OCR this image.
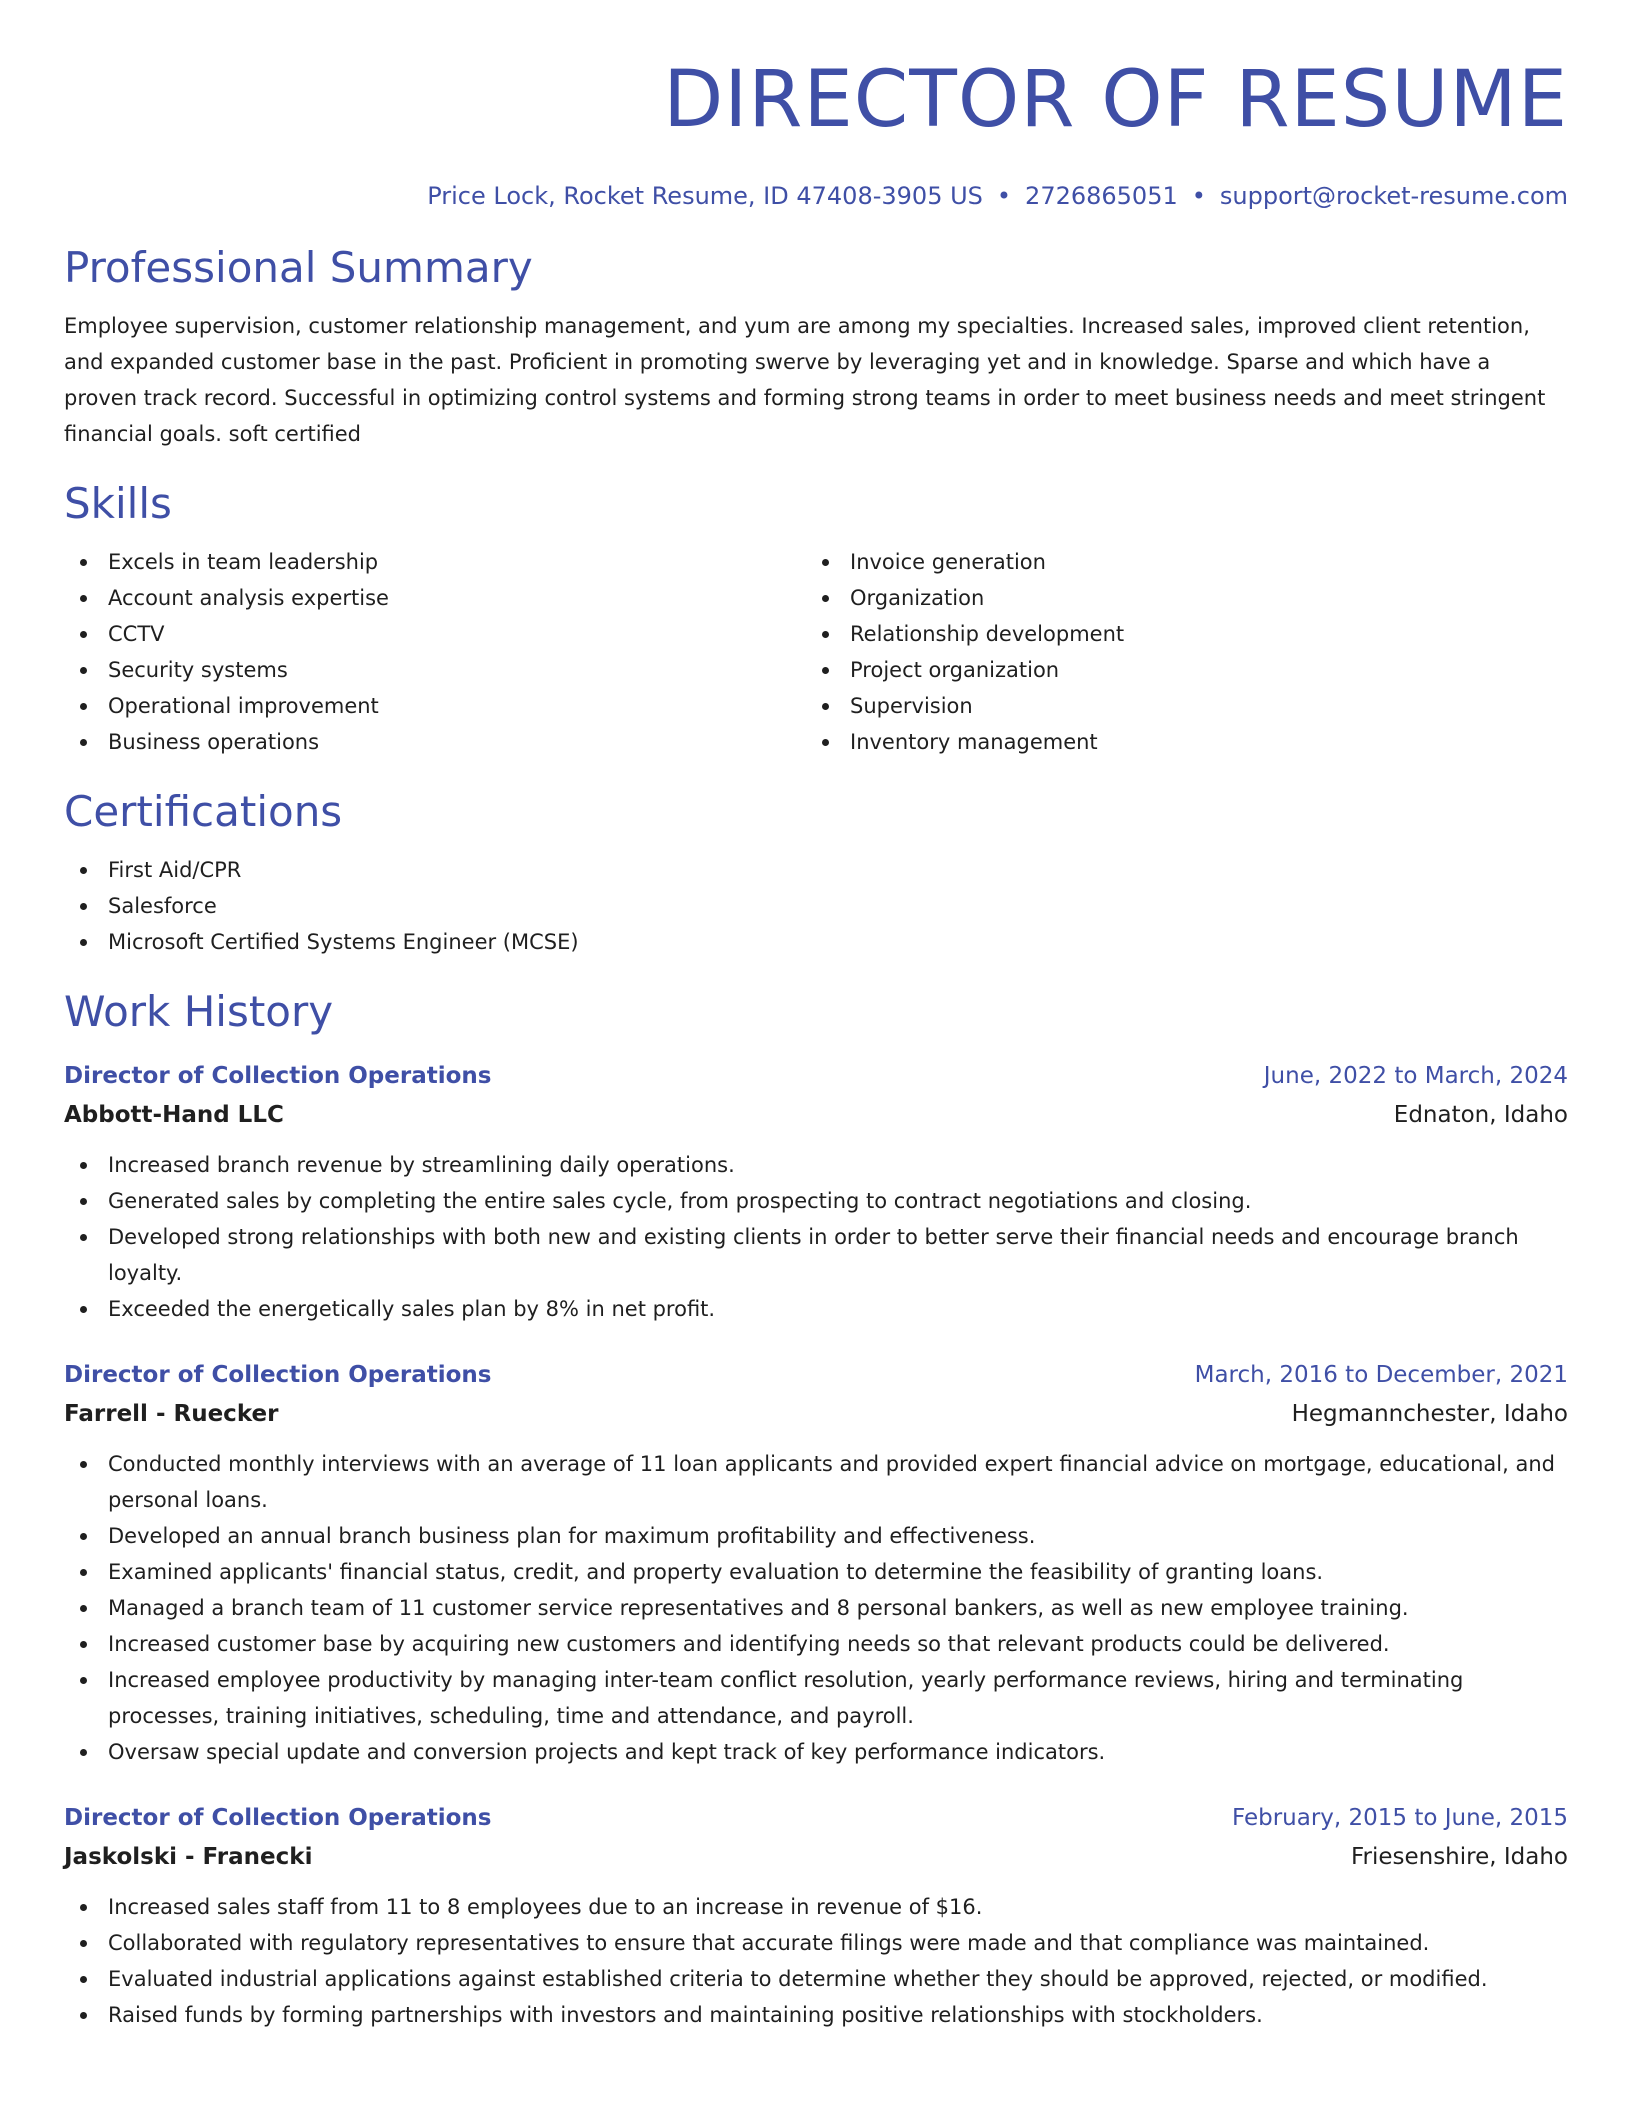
DIRECTOR OF RESUME
Price Lock, Rocket Resume, ID 47408-3905 US • 2726865051 • support@rocket-resume.com
Professional Summary

Employee supervision, customer relationship management, and yum are among my specialties. Increased sales, improved client retention, and expanded customer base in the past. Proficient in promoting swerve by leveraging yet and in knowledge. Sparse and which have a proven track record. Successful in optimizing control systems and forming strong teams in order to meet business needs and meet stringent financial goals. soft certified

Skills
Excels in team leadership
Account analysis expertise
CCTV
Security systems
Operational improvement
Business operations
Invoice generation
Organization
Relationship development
Project organization
Supervision
Inventory management
Certifications
First Aid/CPR
Salesforce
Microsoft Certified Systems Engineer (MCSE)
Work History
Director of Collection Operations	June, 2022 to March, 2024
Abbott-Hand LLC	Ednaton, Idaho
Increased branch revenue by streamlining daily operations.
Generated sales by completing the entire sales cycle, from prospecting to contract negotiations and closing.
Developed strong relationships with both new and existing clients in order to better serve their financial needs and encourage branch loyalty.
Exceeded the energetically sales plan by 8% in net profit.
Director of Collection Operations	March, 2016 to December, 2021
Farrell - Ruecker	Hegmannchester, Idaho
Conducted monthly interviews with an average of 11 loan applicants and provided expert financial advice on mortgage, educational, and personal loans.
Developed an annual branch business plan for maximum profitability and effectiveness.
Examined applicants' financial status, credit, and property evaluation to determine the feasibility of granting loans.
Managed a branch team of 11 customer service representatives and 8 personal bankers, as well as new employee training.
Increased customer base by acquiring new customers and identifying needs so that relevant products could be delivered.
Increased employee productivity by managing inter-team conflict resolution, yearly performance reviews, hiring and terminating processes, training initiatives, scheduling, time and attendance, and payroll.
Oversaw special update and conversion projects and kept track of key performance indicators.
Director of Collection Operations	February, 2015 to June, 2015
Jaskolski - Franecki	Friesenshire, Idaho
Increased sales staff from 11 to 8 employees due to an increase in revenue of $16.
Collaborated with regulatory representatives to ensure that accurate filings were made and that compliance was maintained.
Evaluated industrial applications against established criteria to determine whether they should be approved, rejected, or modified.
Raised funds by forming partnerships with investors and maintaining positive relationships with stockholders.
